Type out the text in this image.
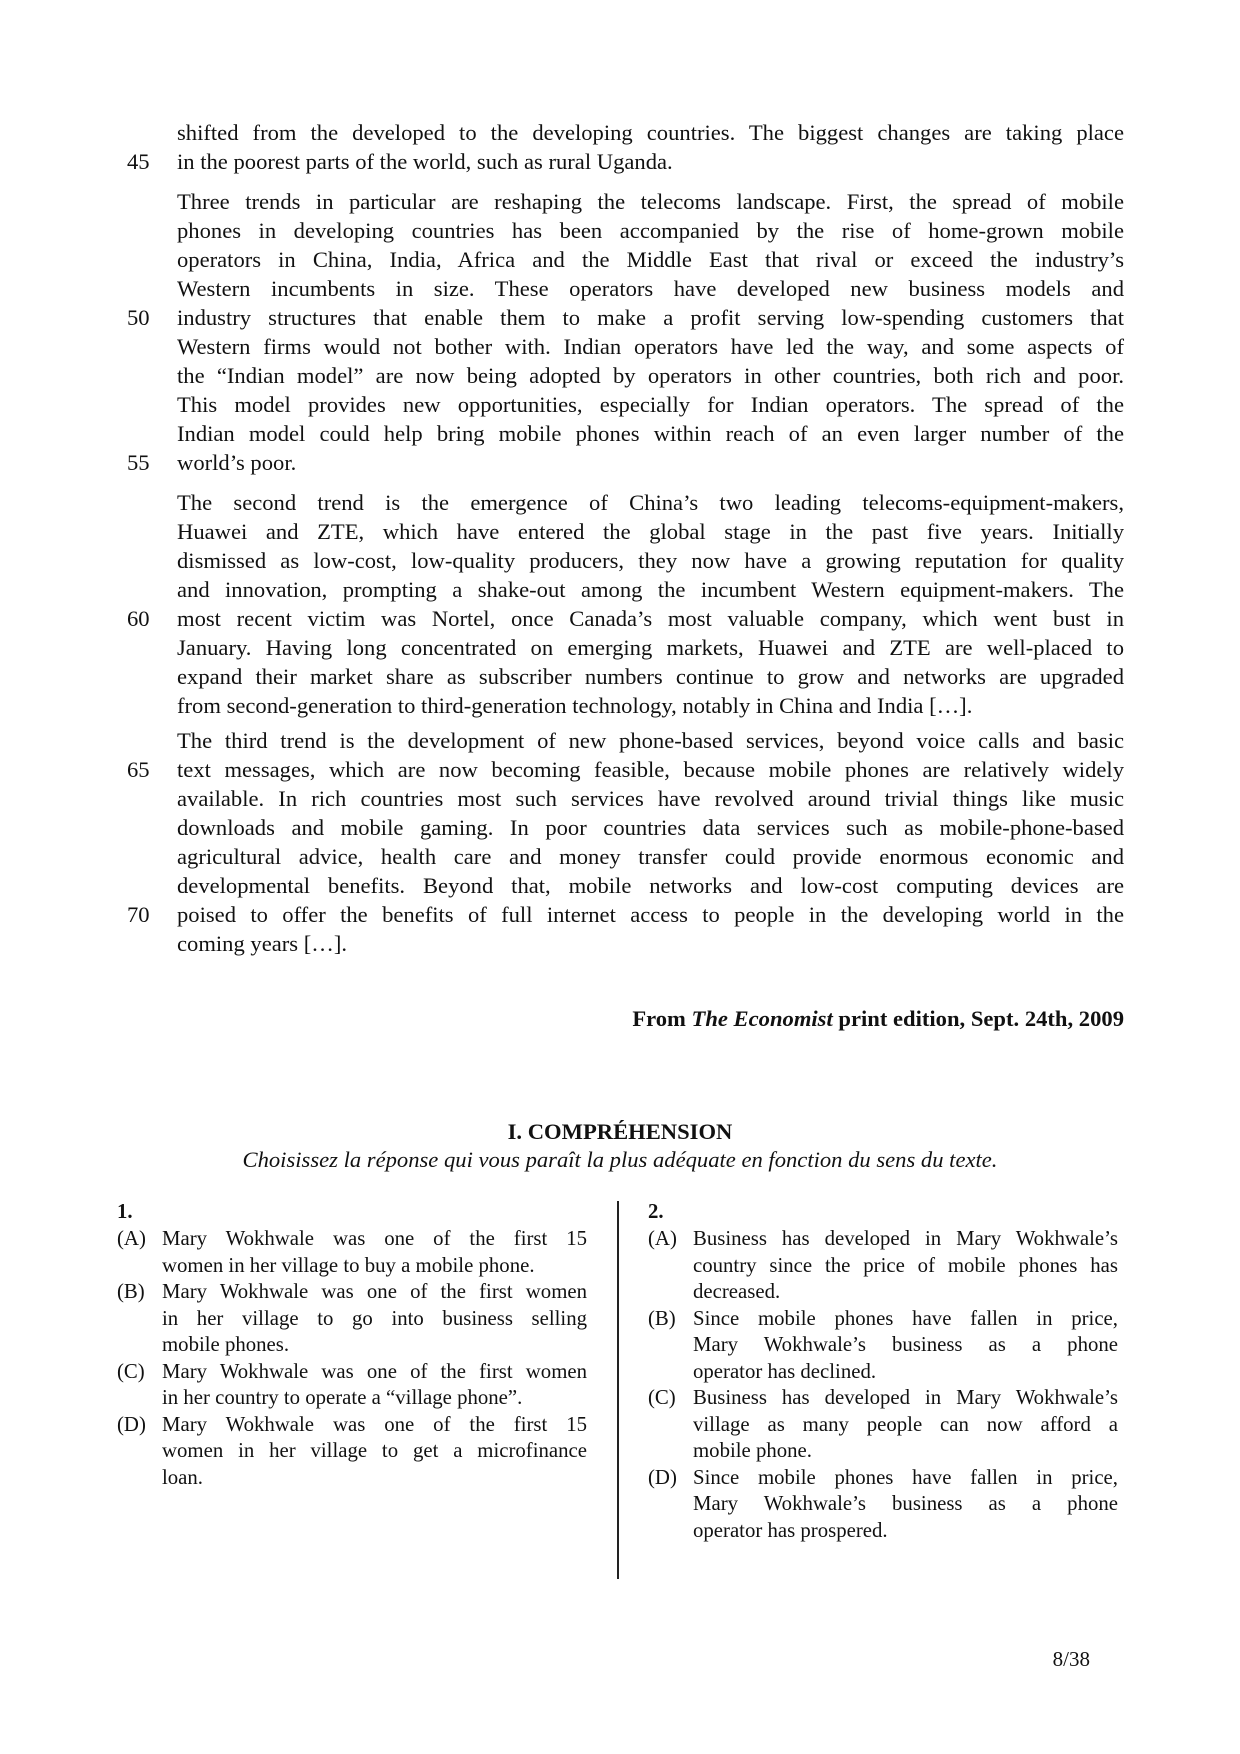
shifted from the developed to the developing countries. The biggest changes are taking place
in the poorest parts of the world, such as rural Uganda.
Three trends in particular are reshaping the telecoms landscape. First, the spread of mobile
phones in developing countries has been accompanied by the rise of home-grown mobile
operators in China, India, Africa and the Middle East that rival or exceed the industry’s
Western incumbents in size. These operators have developed new business models and
industry structures that enable them to make a profit serving low-spending customers that
Western firms would not bother with. Indian operators have led the way, and some aspects of
the “Indian model” are now being adopted by operators in other countries, both rich and poor.
This model provides new opportunities, especially for Indian operators. The spread of the
Indian model could help bring mobile phones within reach of an even larger number of the
world’s poor.
The second trend is the emergence of China’s two leading telecoms-equipment-makers,
Huawei and ZTE, which have entered the global stage in the past five years. Initially
dismissed as low-cost, low-quality producers, they now have a growing reputation for quality
and innovation, prompting a shake-out among the incumbent Western equipment-makers. The
most recent victim was Nortel, once Canada’s most valuable company, which went bust in
January. Having long concentrated on emerging markets, Huawei and ZTE are well-placed to
expand their market share as subscriber numbers continue to grow and networks are upgraded
from second-generation to third-generation technology, notably in China and India […].
The third trend is the development of new phone-based services, beyond voice calls and basic
text messages, which are now becoming feasible, because mobile phones are relatively widely
available. In rich countries most such services have revolved around trivial things like music
downloads and mobile gaming. In poor countries data services such as mobile-phone-based
agricultural advice, health care and money transfer could provide enormous economic and
developmental benefits. Beyond that, mobile networks and low-cost computing devices are
poised to offer the benefits of full internet access to people in the developing world in the
coming years […].
45
50
55
60
65
70
From The Economist print edition, Sept. 24th, 2009
I. COMPRÉHENSION
Choisissez la réponse qui vous paraît la plus adéquate en fonction du sens du texte.
1.
(A) Mary Wokhwale was one of the first 15
women in her village to buy a mobile phone.
(B) Mary Wokhwale was one of the first women
in her village to go into business selling
mobile phones.
(C) Mary Wokhwale was one of the first women
in her country to operate a “village phone”.
(D) Mary Wokhwale was one of the first 15
women in her village to get a microfinance
loan.
2.
(A) Business has developed in Mary Wokhwale’s
country since the price of mobile phones has
decreased.
(B) Since mobile phones have fallen in price,
Mary Wokhwale’s business as a phone
operator has declined.
(C) Business has developed in Mary Wokhwale’s
village as many people can now afford a
mobile phone.
(D) Since mobile phones have fallen in price,
Mary Wokhwale’s business as a phone
operator has prospered.
8/38
